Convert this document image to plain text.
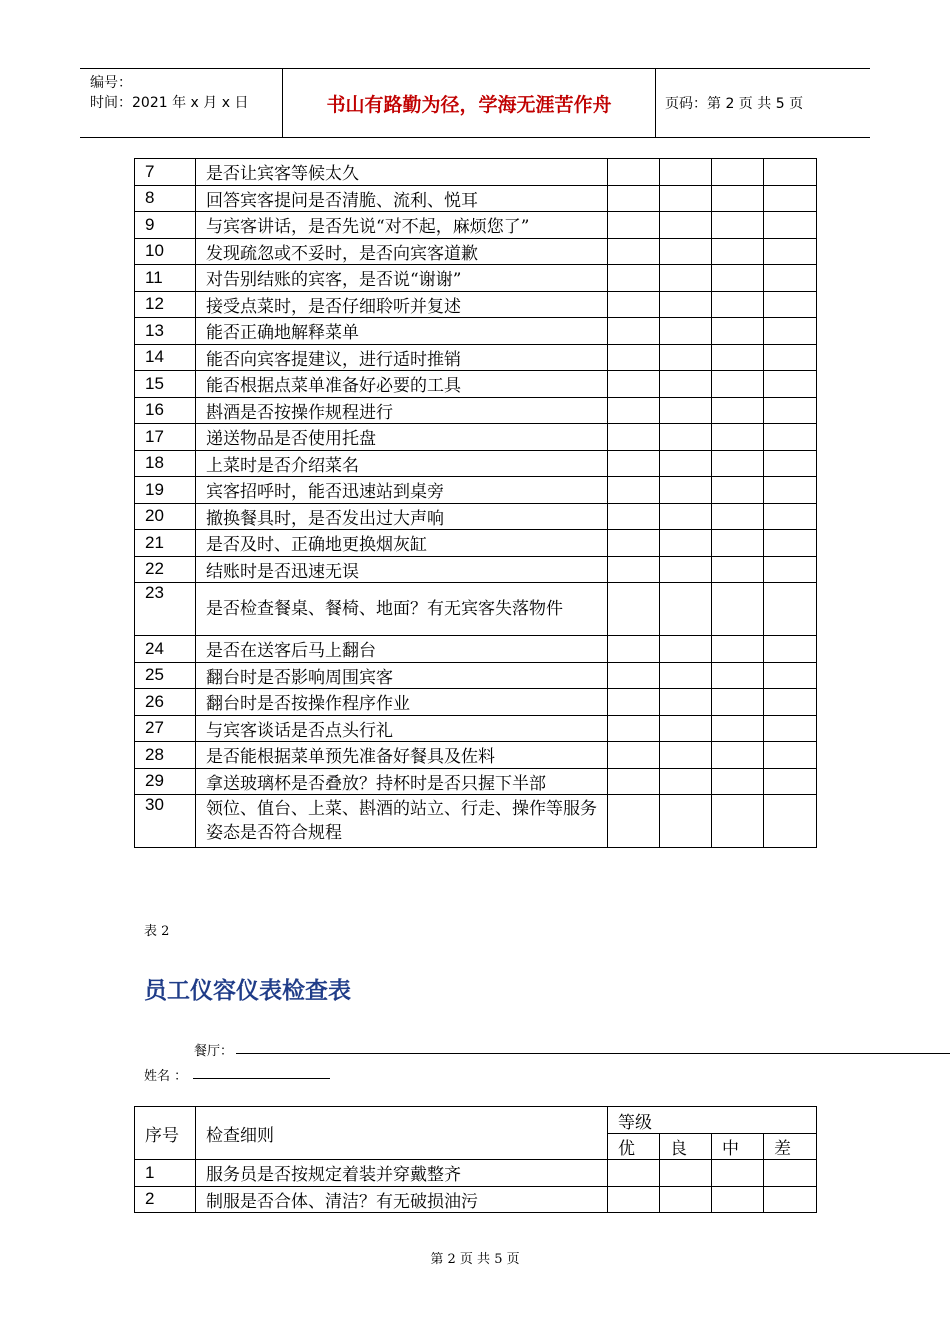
编号：
时间：2021 年 x 月 x 日	书山有路勤为径，学海无涯苦作舟	页码：第 2 页 共 5 页
7	是否让宾客等候太久				
8	回答宾客提问是否清脆、流利、悦耳				
9	与宾客讲话，是否先说“对不起，麻烦您了”				
10	发现疏忽或不妥时，是否向宾客道歉				
11	对告别结账的宾客，是否说“谢谢”				
12	接受点菜时，是否仔细聆听并复述				
13	能否正确地解释菜单				
14	能否向宾客提建议，进行适时推销				
15	能否根据点菜单准备好必要的工具				
16	斟酒是否按操作规程进行				
17	递送物品是否使用托盘				
18	上菜时是否介绍菜名				
19	宾客招呼时，能否迅速站到桌旁				
20	撤换餐具时，是否发出过大声响				
21	是否及时、正确地更换烟灰缸				
22	结账时是否迅速无误				
23	是否检查餐桌、餐椅、地面？有无宾客失落物件				
24	是否在送客后马上翻台				
25	翻台时是否影响周围宾客				
26	翻台时是否按操作程序作业				
27	与宾客谈话是否点头行礼				
28	是否能根据菜单预先准备好餐具及佐料				
29	拿送玻璃杯是否叠放？持杯时是否只握下半部				
30	领位、值台、上菜、斟酒的站立、行走、操作等服务姿态是否符合规程				
表 2
员工仪容仪表检查表
餐厅：
姓名 ：
序号	检查细则	等级			
		优	良	中	差
1	服务员是否按规定着装并穿戴整齐				
2	制服是否合体、清洁？有无破损油污				
第 2 页 共 5 页
